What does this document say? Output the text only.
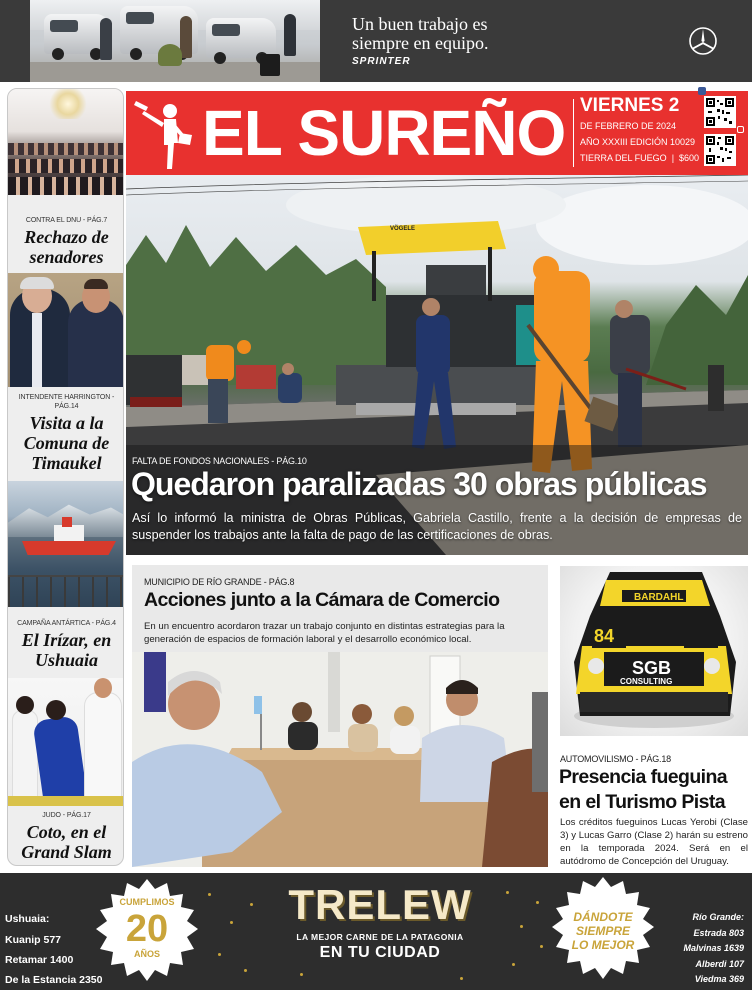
Un buen trabajo es
siempre en equipo.
SPRINTER
CONTRA EL DNU - PÁG.7
Rechazo de
senadores
INTENDENTE HARRINGTON - PÁG.14
Visita a la
Comuna de
Timaukel
CAMPAÑA ANTÁRTICA - PÁG.4
El Irízar, en
Ushuaia
JUDO - PÁG.17
Coto, en el
Grand Slam
EL SUREÑO VIERNES 2
DE FEBRERO DE 2024
AÑO XXXIII EDICIÓN 10029
TIERRA DEL FUEGO  |  $600
FALTA DE FONDOS NACIONALES - PÁG.10
Quedaron paralizadas 30 obras públicas
Así lo informó la ministra de Obras Públicas, Gabriela Castillo, frente a la decisión de empresas de suspender los trabajos ante la falta de pago de las certificaciones de obras.
VÖGELE
MUNICIPIO DE RÍO GRANDE - PÁG.8
Acciones junto a la Cámara de Comercio
En un encuentro acordaron trazar un trabajo conjunto en distintas estrategias para la generación de espacios de formación laboral y el desarrollo económico local.
BARDAHL
84
SGB
CONSULTING
AUTOMOVILISMO - PÁG.18
Presencia fueguina
en el Turismo Pista
Los créditos fueguinos Lucas Yerobi (Clase 3) y Lucas Garro (Clase 2) harán su estreno en la temporada 2024. Será en el autódromo de Concepción del Uruguay.
Ushuaia:
Kuanip 577
Retamar 1400
De la Estancia 2350
CUMPLIMOS
20
AÑOS
TRELEW
LA MEJOR CARNE DE LA PATAGONIA
EN TU CIUDAD
DÁNDOTE
SIEMPRE
LO MEJOR
Río Grande:
Estrada 803
Malvinas 1639
Alberdi 107
Viedma 369
